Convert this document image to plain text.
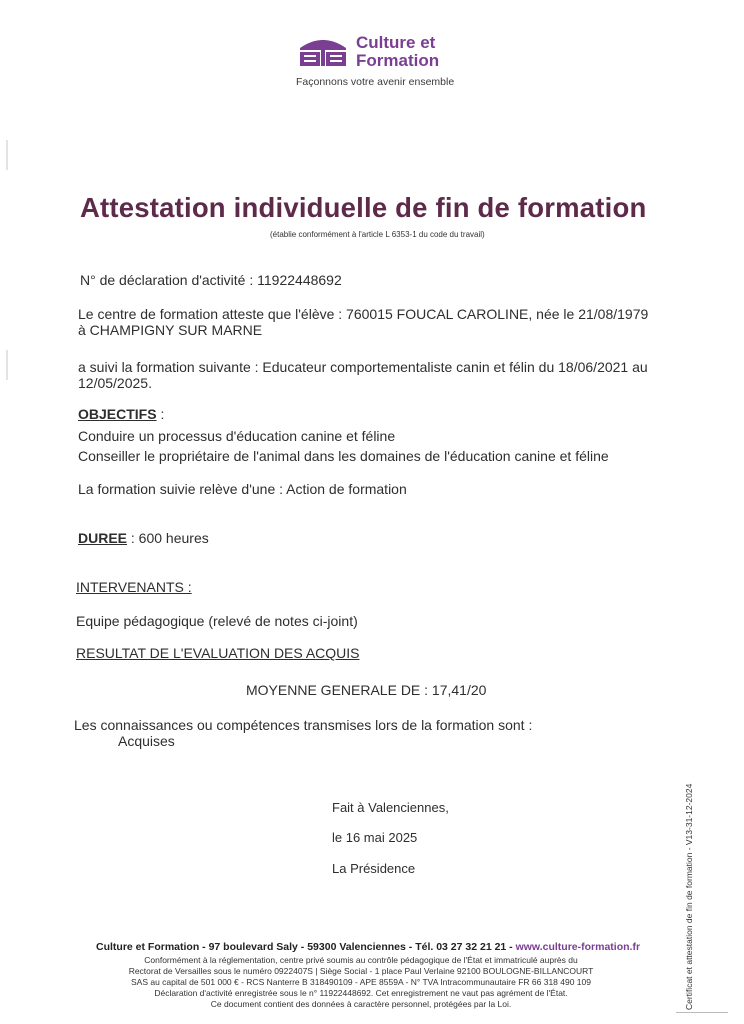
Culture et
Formation
Façonnons votre avenir ensemble
Attestation individuelle de fin de formation
(établie conformément à l'article L 6353-1 du code du travail)
N° de déclaration d'activité : 11922448692
Le centre de formation atteste que l'élève : 760015 FOUCAL CAROLINE, née le 21/08/1979
à CHAMPIGNY SUR MARNE
a suivi la formation suivante : Educateur comportementaliste canin et félin du 18/06/2021 au
12/05/2025.
OBJECTIFS :
Conduire un processus d'éducation canine et féline
Conseiller le propriétaire de l'animal dans les domaines de l'éducation canine et féline
La formation suivie relève d'une : Action de formation
DUREE : 600 heures
INTERVENANTS :
Equipe pédagogique (relevé de notes ci-joint)
RESULTAT DE L'EVALUATION DES ACQUIS
MOYENNE GENERALE DE : 17,41/20
Les connaissances ou compétences transmises lors de la formation sont :
Acquises
Fait à Valenciennes,
le 16 mai 2025
La Présidence
Culture et Formation - 97 boulevard Saly - 59300 Valenciennes - Tél. 03 27 32 21 21 - www.culture-formation.fr
Conformément à la réglementation, centre privé soumis au contrôle pédagogique de l'État et immatriculé auprès du
Rectorat de Versailles sous le numéro 0922407S | Siège Social - 1 place Paul Verlaine 92100 BOULOGNE-BILLANCOURT
SAS au capital de 501 000 € - RCS Nanterre B 318490109 - APE 8559A - N° TVA Intracommunautaire FR 66 318 490 109
Déclaration d'activité enregistrée sous le n° 11922448692. Cet enregistrement ne vaut pas agrément de l'État.
Ce document contient des données à caractère personnel, protégées par la Loi.	Certificat et attestation de fin de formation - V13-31-12-2024
